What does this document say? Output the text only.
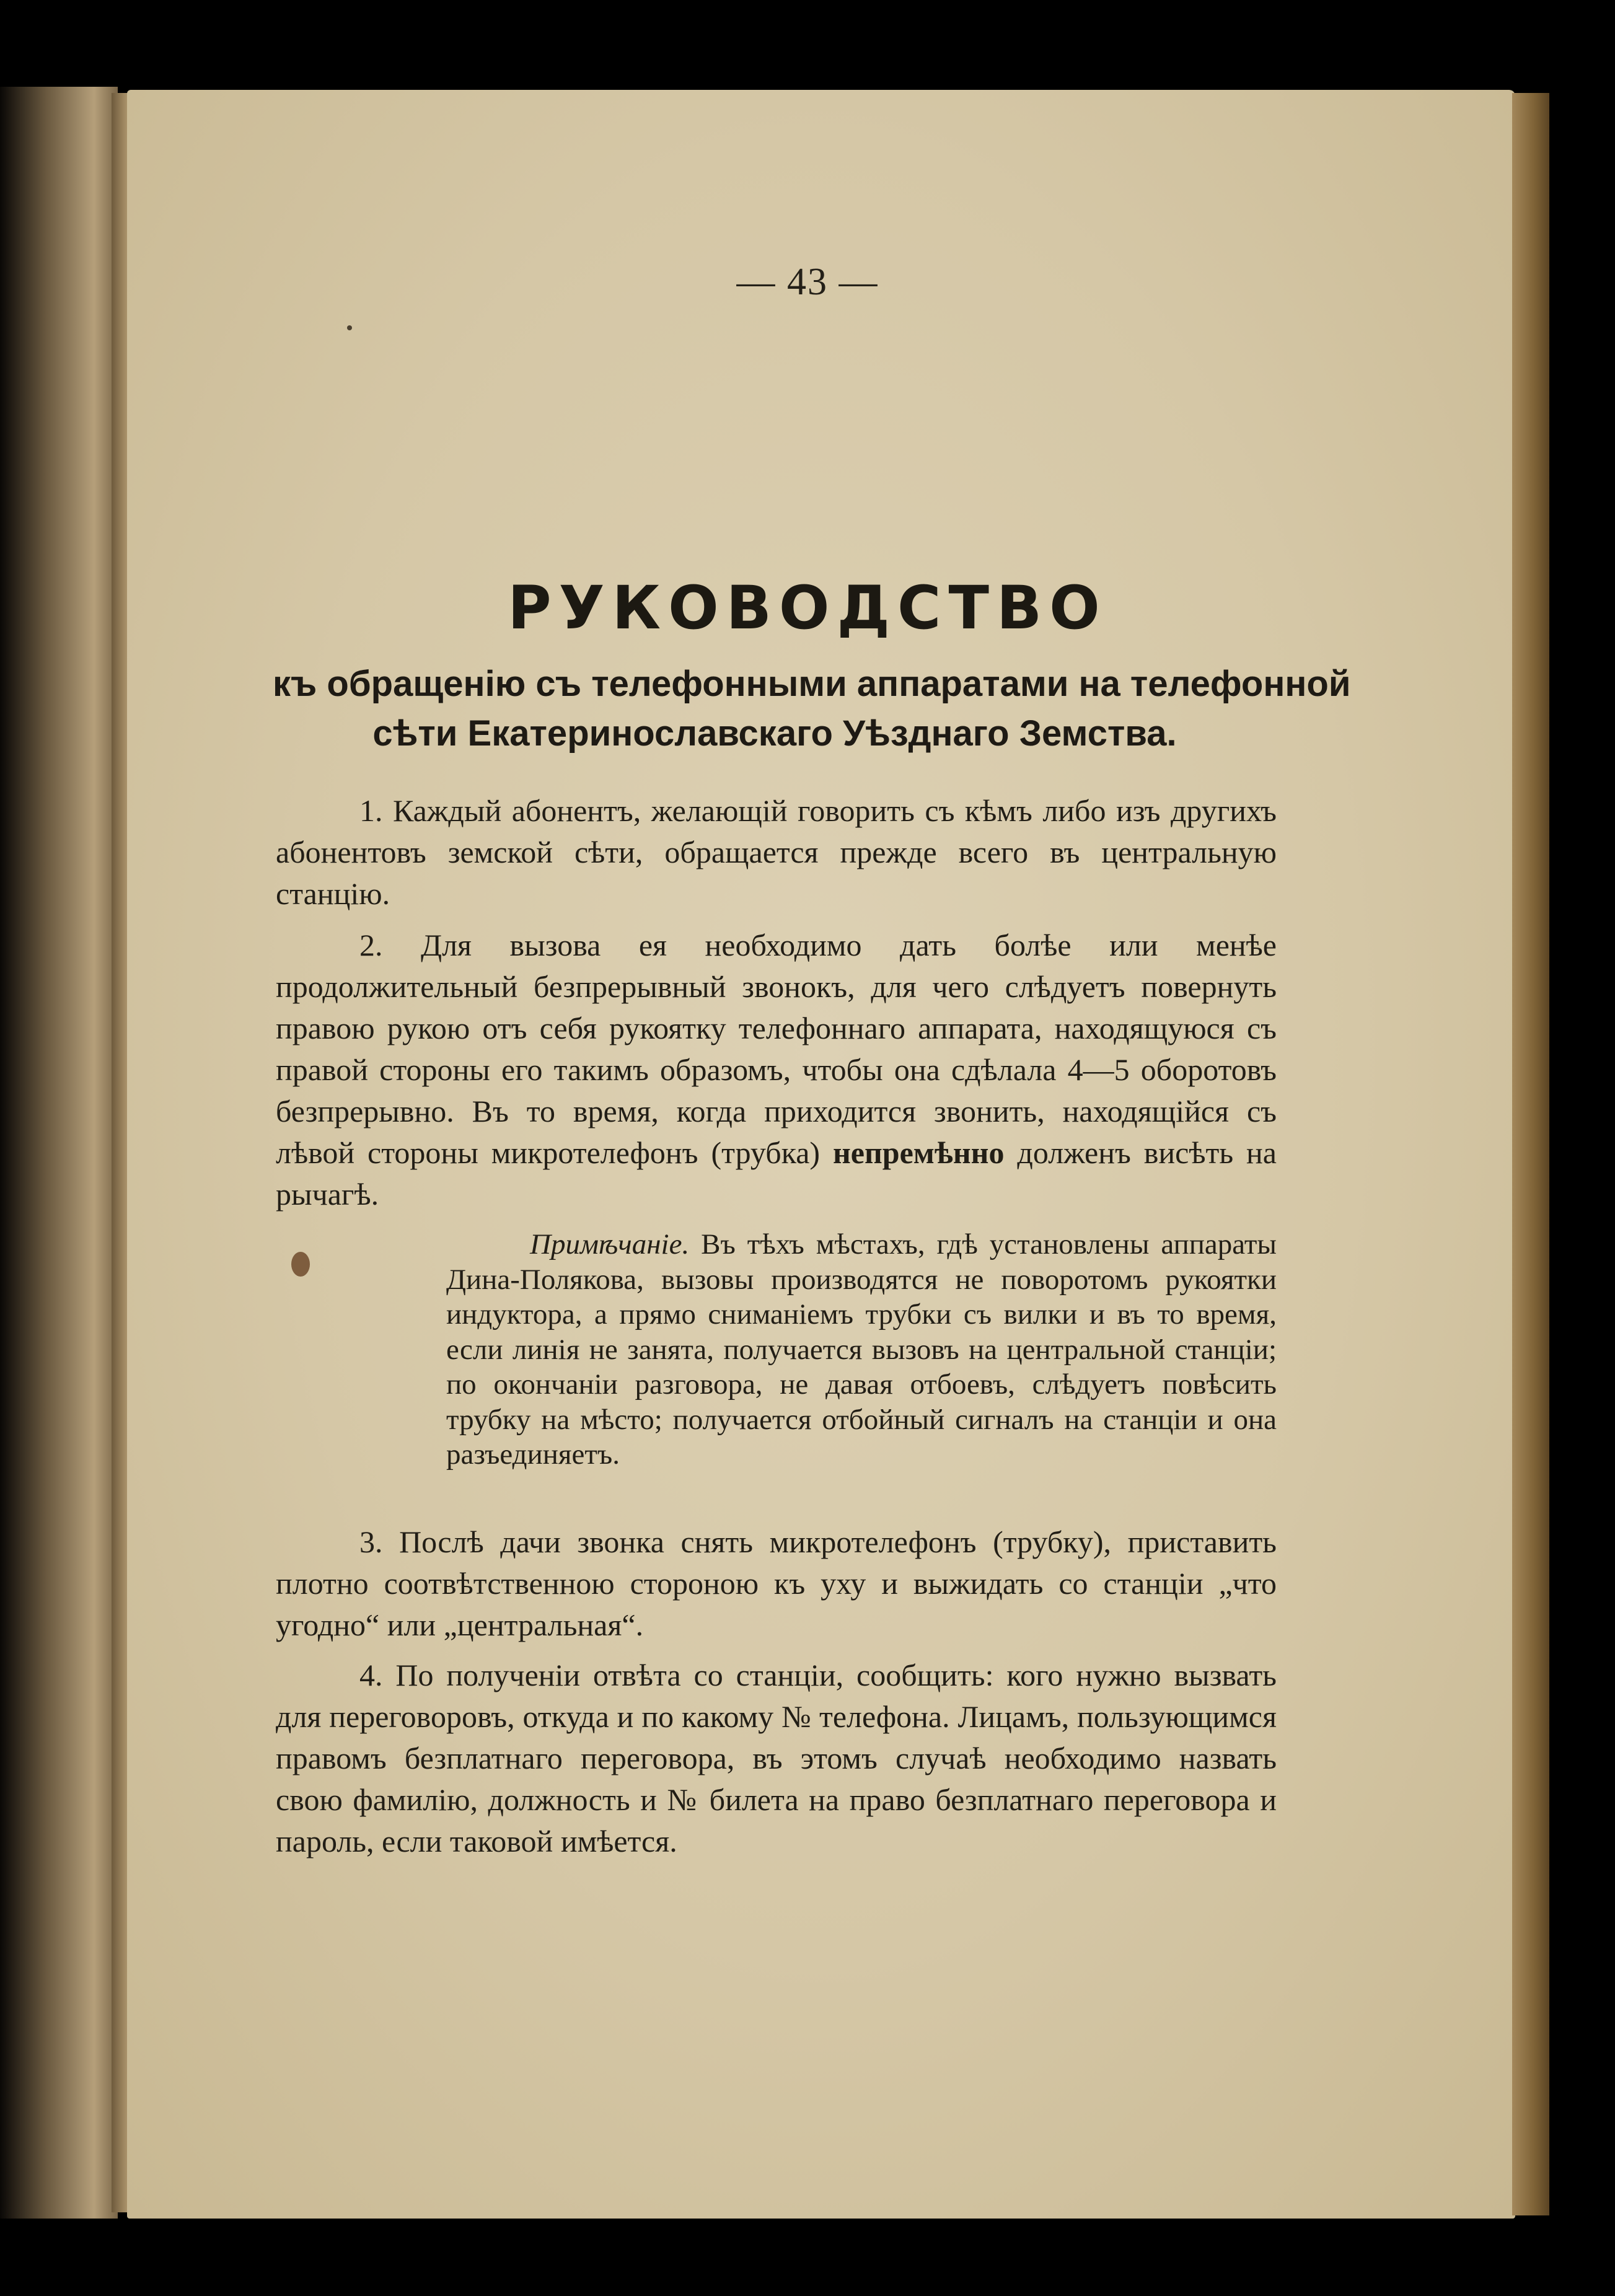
— 43 —
РУКОВОДСТВО
къ обращенію съ телефонными аппаратами на телефонной
сѣти Екатеринославскаго Уѣзднаго Земства.
1. Каждый абонентъ, желающій говорить съ кѣмъ либо изъ другихъ абонентовъ земской сѣти, обращается прежде всего въ центральную станцію.
2. Для вызова ея необходимо дать болѣе или менѣе продолжительный безпрерывный звонокъ, для чего слѣдуетъ повернуть правою рукою отъ себя рукоятку телефоннаго аппарата, находящуюся съ правой стороны его такимъ образомъ, чтобы она сдѣлала 4—5 оборотовъ безпрерывно. Въ то время, когда приходится звонить, находящійся съ лѣвой стороны микротелефонъ (трубка) непремѣнно долженъ висѣть на рычагѣ.
Примѣчаніе. Въ тѣхъ мѣстахъ, гдѣ установлены аппараты Дина-Полякова, вызовы производятся не поворотомъ рукоятки индуктора, а прямо сниманіемъ трубки съ вилки и въ то время, если линія не занята, получается вызовъ на центральной станціи; по окончаніи разговора, не давая отбоевъ, слѣдуетъ повѣсить трубку на мѣсто; получается отбойный сигналъ на станціи и она разъединяетъ.
3. Послѣ дачи звонка снять микротелефонъ (трубку), приставить плотно соотвѣтственною стороною къ уху и выжидать со станціи „что угодно“ или „центральная“.
4. По полученіи отвѣта со станціи, сообщить: кого нужно вызвать для переговоровъ, откуда и по какому № телефона. Лицамъ, пользующимся правомъ безплатнаго переговора, въ этомъ случаѣ необходимо назвать свою фамилію, должность и № билета на право безплатнаго переговора и пароль, если таковой имѣется.
